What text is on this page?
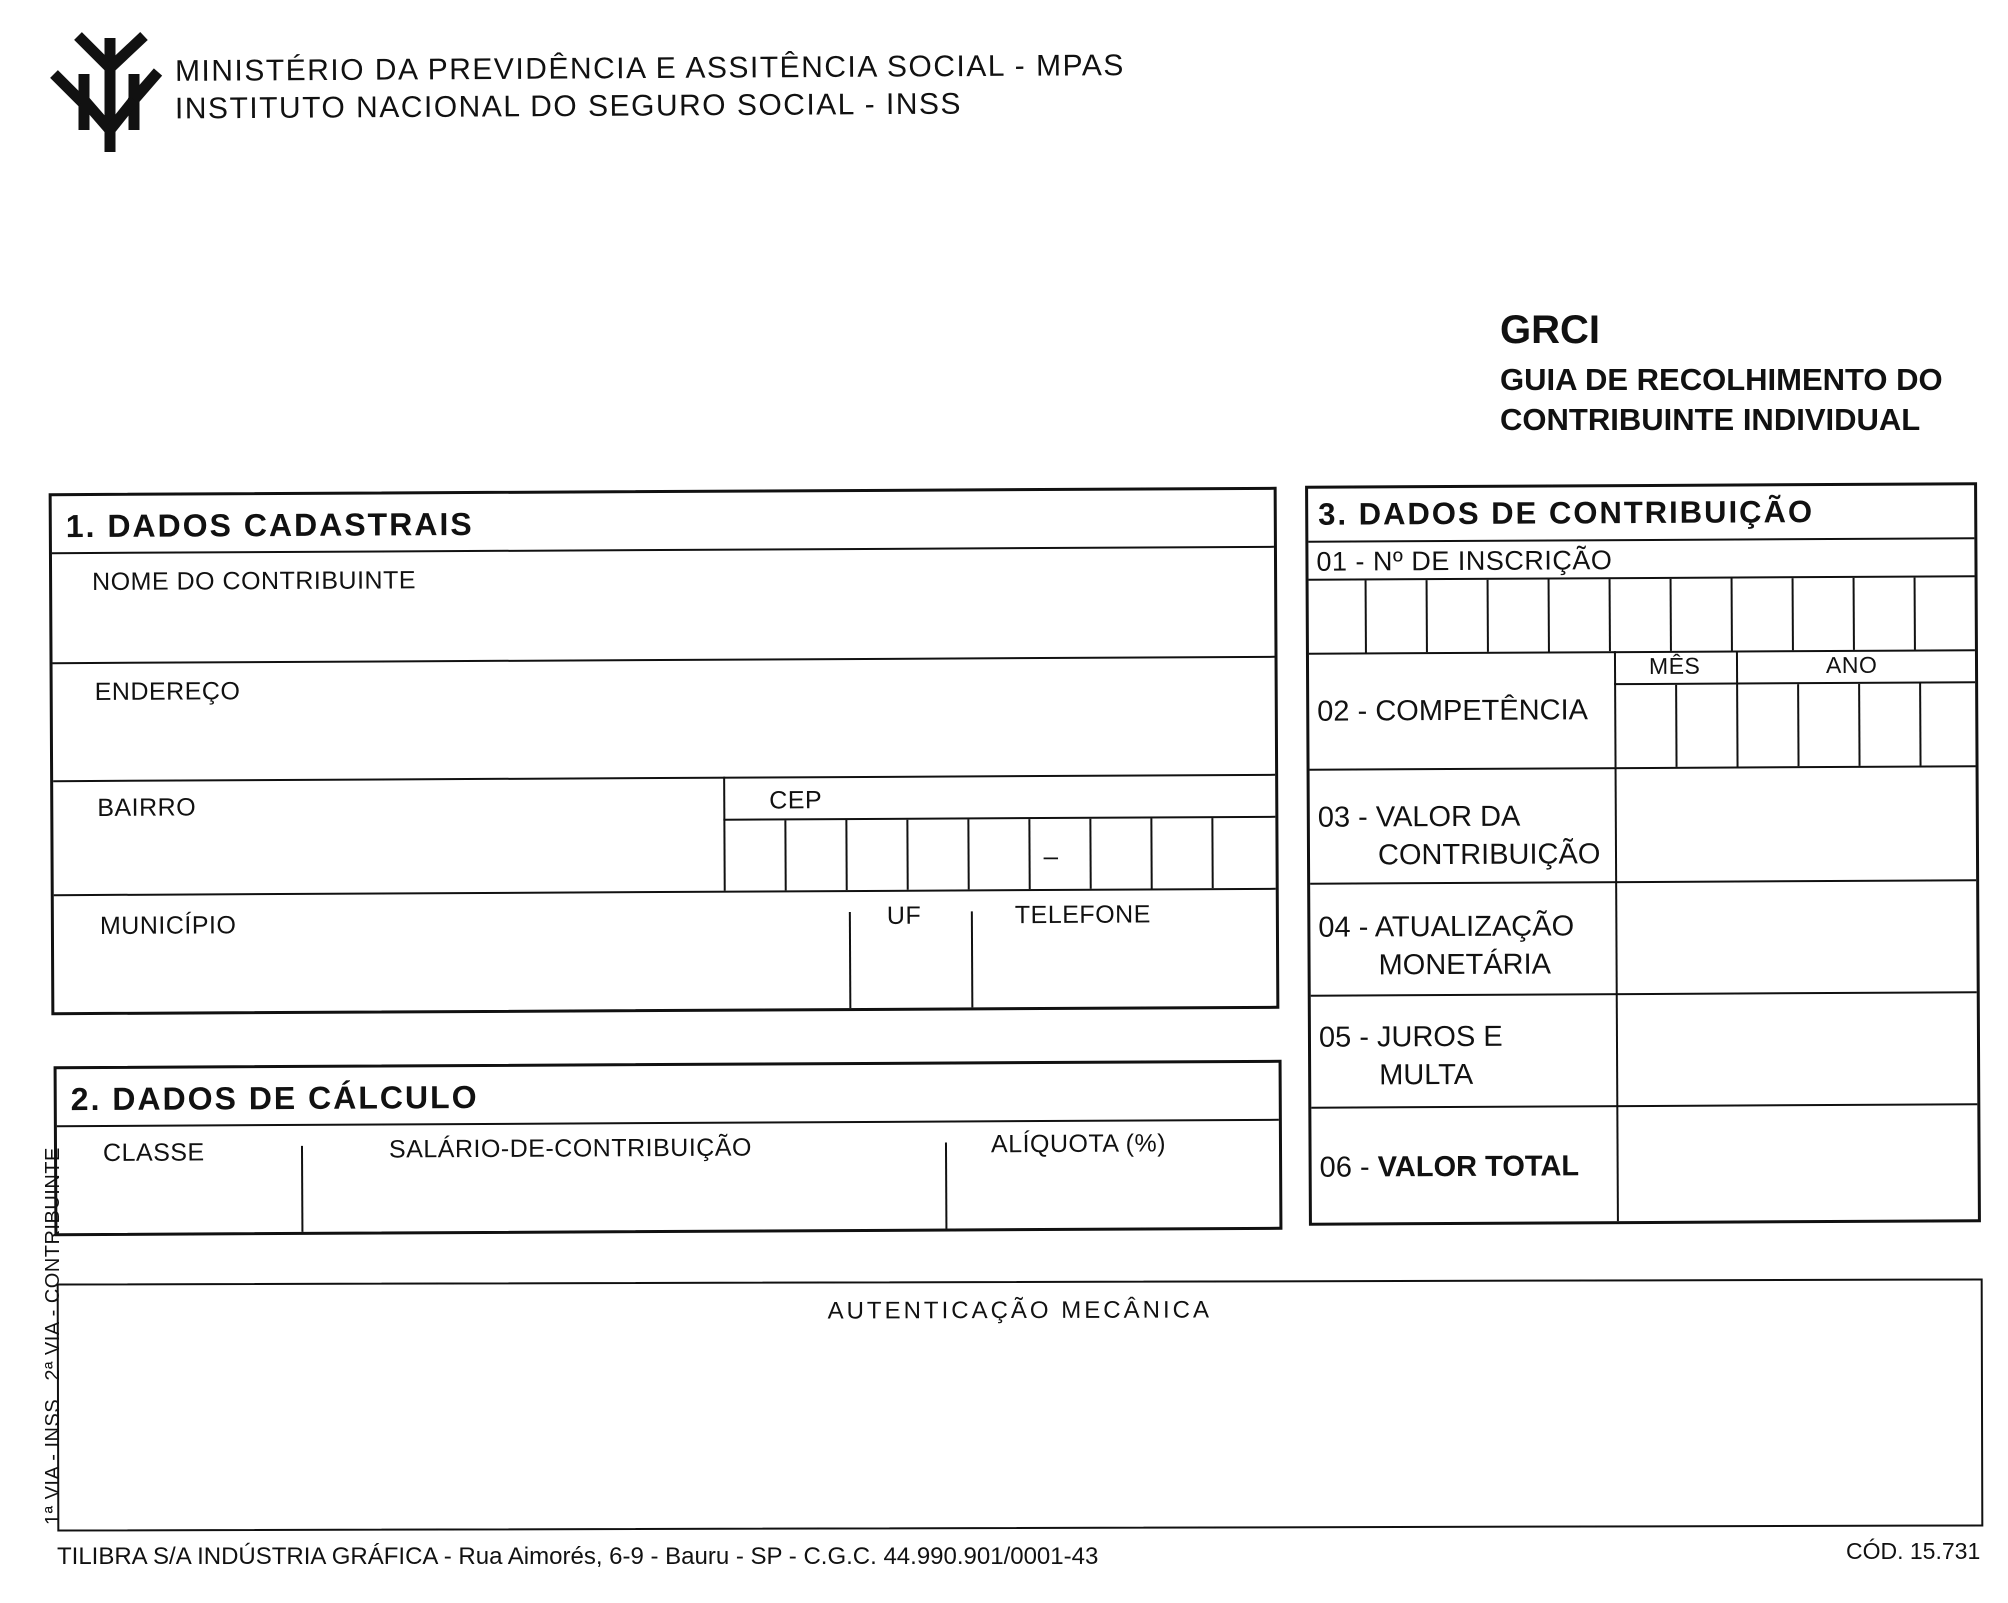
MINISTÉRIO DA PREVIDÊNCIA E ASSITÊNCIA SOCIAL - MPAS
INSTITUTO NACIONAL DO SEGURO SOCIAL - INSS
GRCI
GUIA DE RECOLHIMENTO DO
CONTRIBUINTE INDIVIDUAL
1. DADOS CADASTRAIS
NOME DO CONTRIBUINTE
ENDEREÇO
BAIRRO	CEP
–
MUNICÍPIO	UF	TELEFONE
2. DADOS DE CÁLCULO
CLASSE	SALÁRIO-DE-CONTRIBUIÇÃO	ALÍQUOTA (%)
3. DADOS DE CONTRIBUIÇÃO
01 - Nº DE INSCRIÇÃO
02 - COMPETÊNCIA
MÊS	ANO
03 - VALOR DA
CONTRIBUIÇÃO
04 - ATUALIZAÇÃO
MONETÁRIA
05 - JUROS E
MULTA
06 - VALOR TOTAL
AUTENTICAÇÃO MECÂNICA
1ª VIA - INSS   2ª VIA - CONTRIBUINTE
TILIBRA S/A INDÚSTRIA GRÁFICA - Rua Aimorés, 6-9 - Bauru - SP - C.G.C. 44.990.901/0001-43	CÓD. 15.731
